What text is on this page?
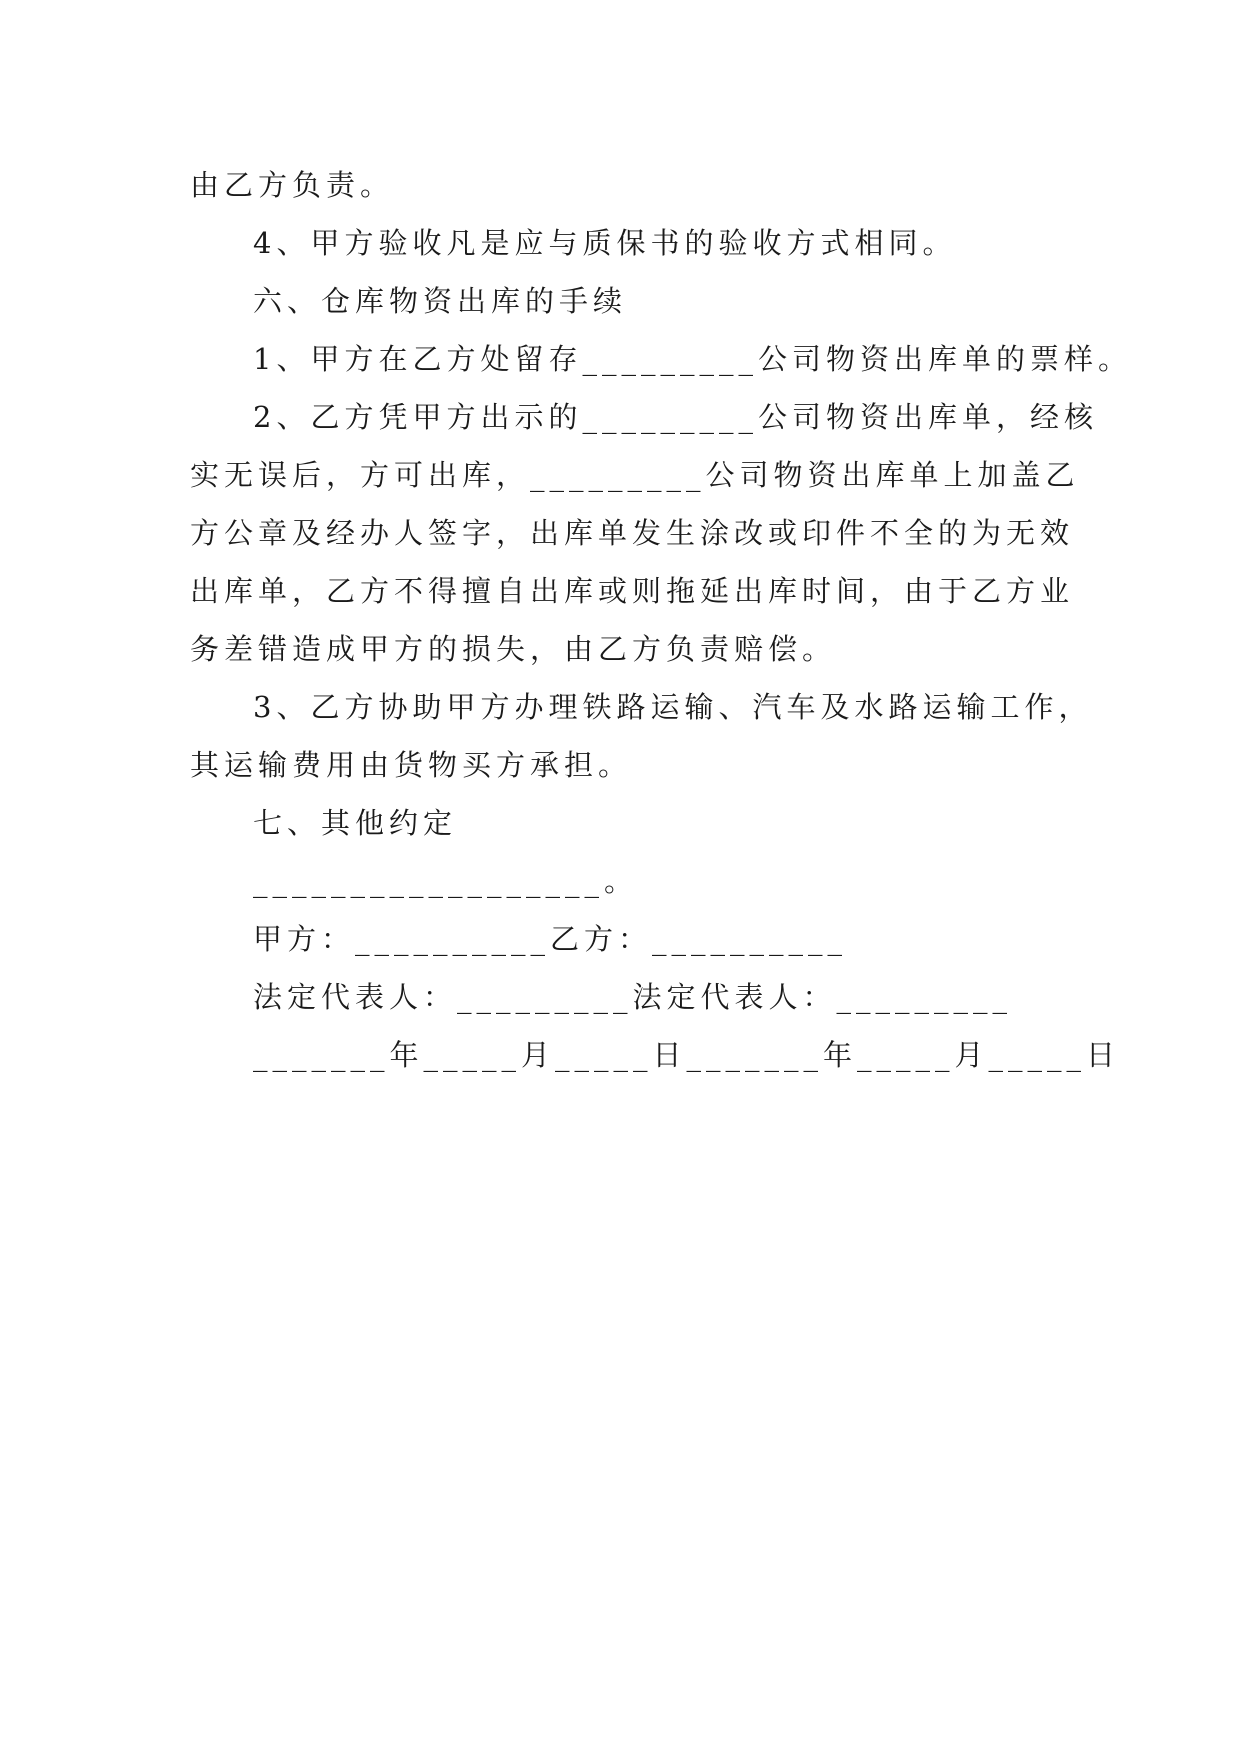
由乙方负责。
4、甲方验收凡是应与质保书的验收方式相同。
六、仓库物资出库的手续
1、甲方在乙方处留存_________公司物资出库单的票样。
2、乙方凭甲方出示的_________公司物资出库单，经核
实无误后，方可出库，_________公司物资出库单上加盖乙
方公章及经办人签字，出库单发生涂改或印件不全的为无效
出库单，乙方不得擅自出库或则拖延出库时间，由于乙方业
务差错造成甲方的损失，由乙方负责赔偿。
3、乙方协助甲方办理铁路运输、汽车及水路运输工作，
其运输费用由货物买方承担。
七、其他约定
__________________。
甲方：__________乙方：__________
法定代表人：_________法定代表人：_________
_______年_____月_____日_______年_____月_____日
